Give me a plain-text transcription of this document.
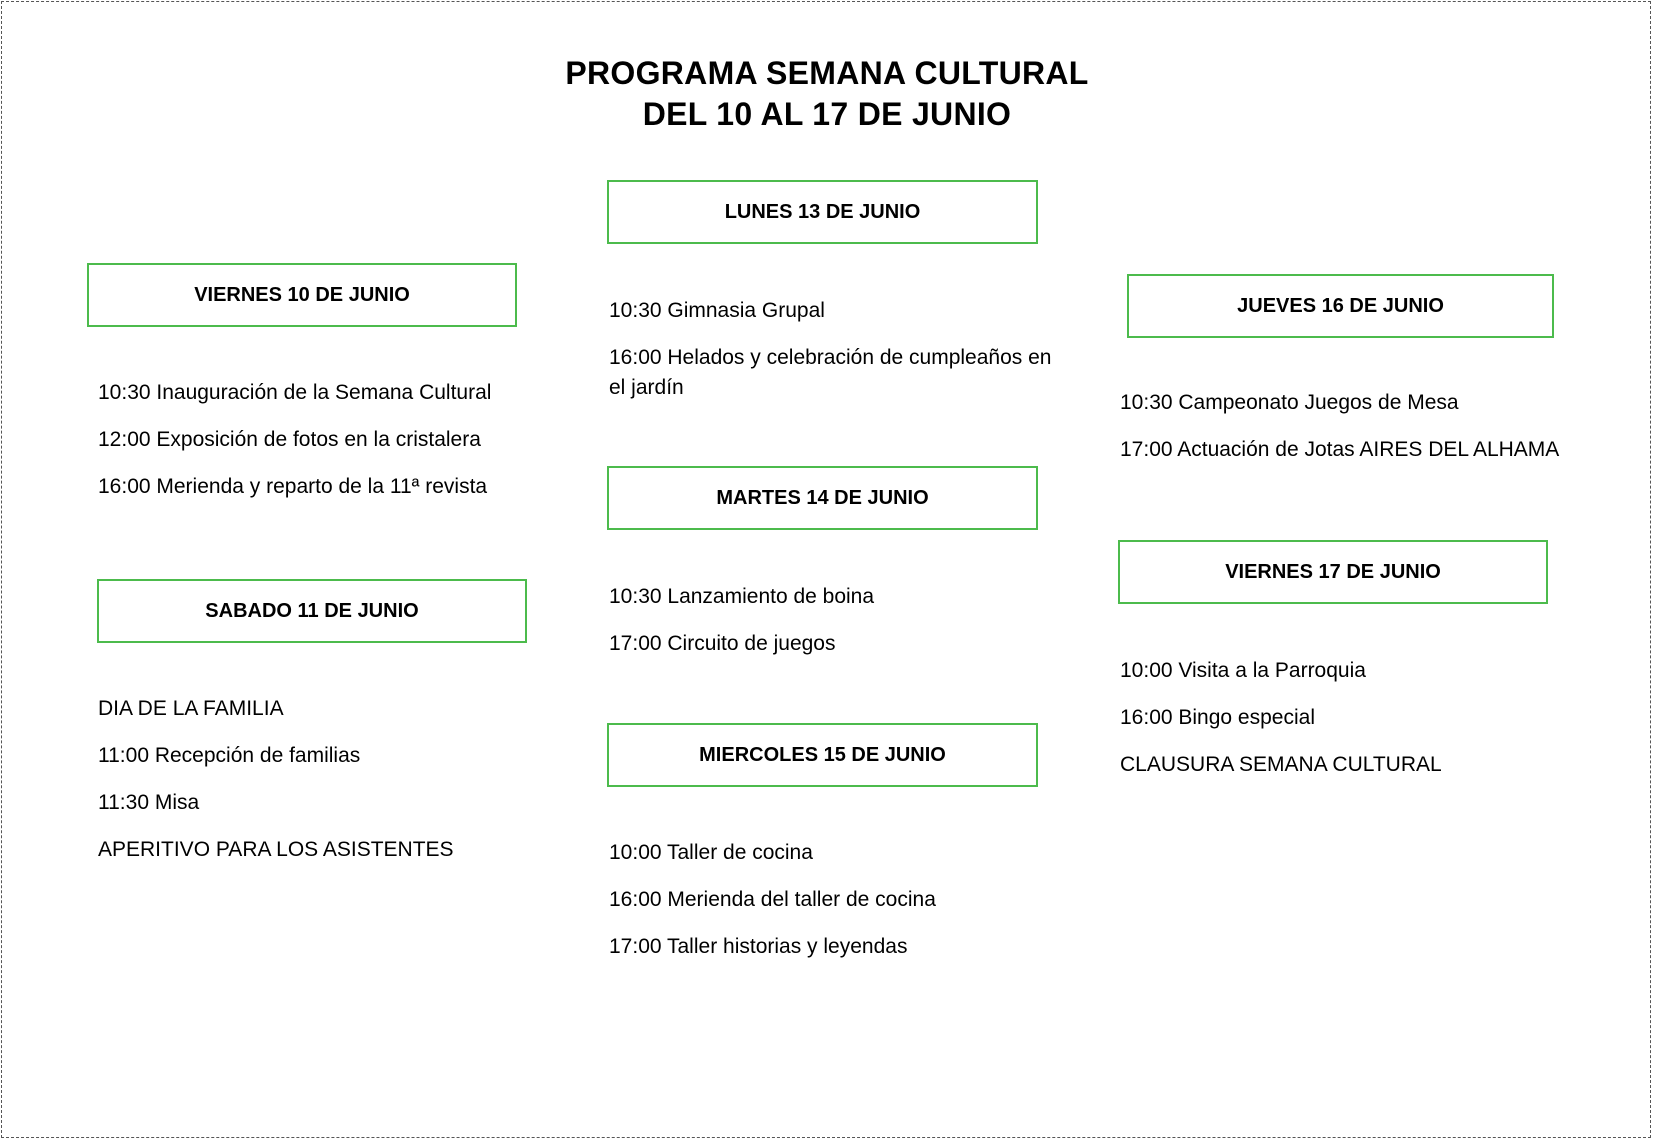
PROGRAMA SEMANA CULTURAL
DEL 10 AL 17 DE JUNIO
VIERNES 10 DE JUNIO
10:30 Inauguración de la Semana Cultural
12:00 Exposición de fotos en la cristalera
16:00 Merienda y reparto de la 11ª revista
SABADO 11 DE JUNIO
DIA DE LA FAMILIA
11:00 Recepción de familias
11:30 Misa
APERITIVO PARA LOS ASISTENTES
LUNES 13 DE JUNIO
10:30 Gimnasia Grupal
16:00 Helados y celebración de cumpleaños en el jardín
MARTES 14 DE JUNIO
10:30 Lanzamiento de boina
17:00 Circuito de juegos
MIERCOLES 15 DE JUNIO
10:00 Taller de cocina
16:00 Merienda del taller de cocina
17:00 Taller historias y leyendas
JUEVES 16 DE JUNIO
10:30 Campeonato Juegos de Mesa
17:00 Actuación de Jotas AIRES DEL ALHAMA
VIERNES 17 DE JUNIO
10:00 Visita a la Parroquia
16:00 Bingo especial
CLAUSURA SEMANA CULTURAL
